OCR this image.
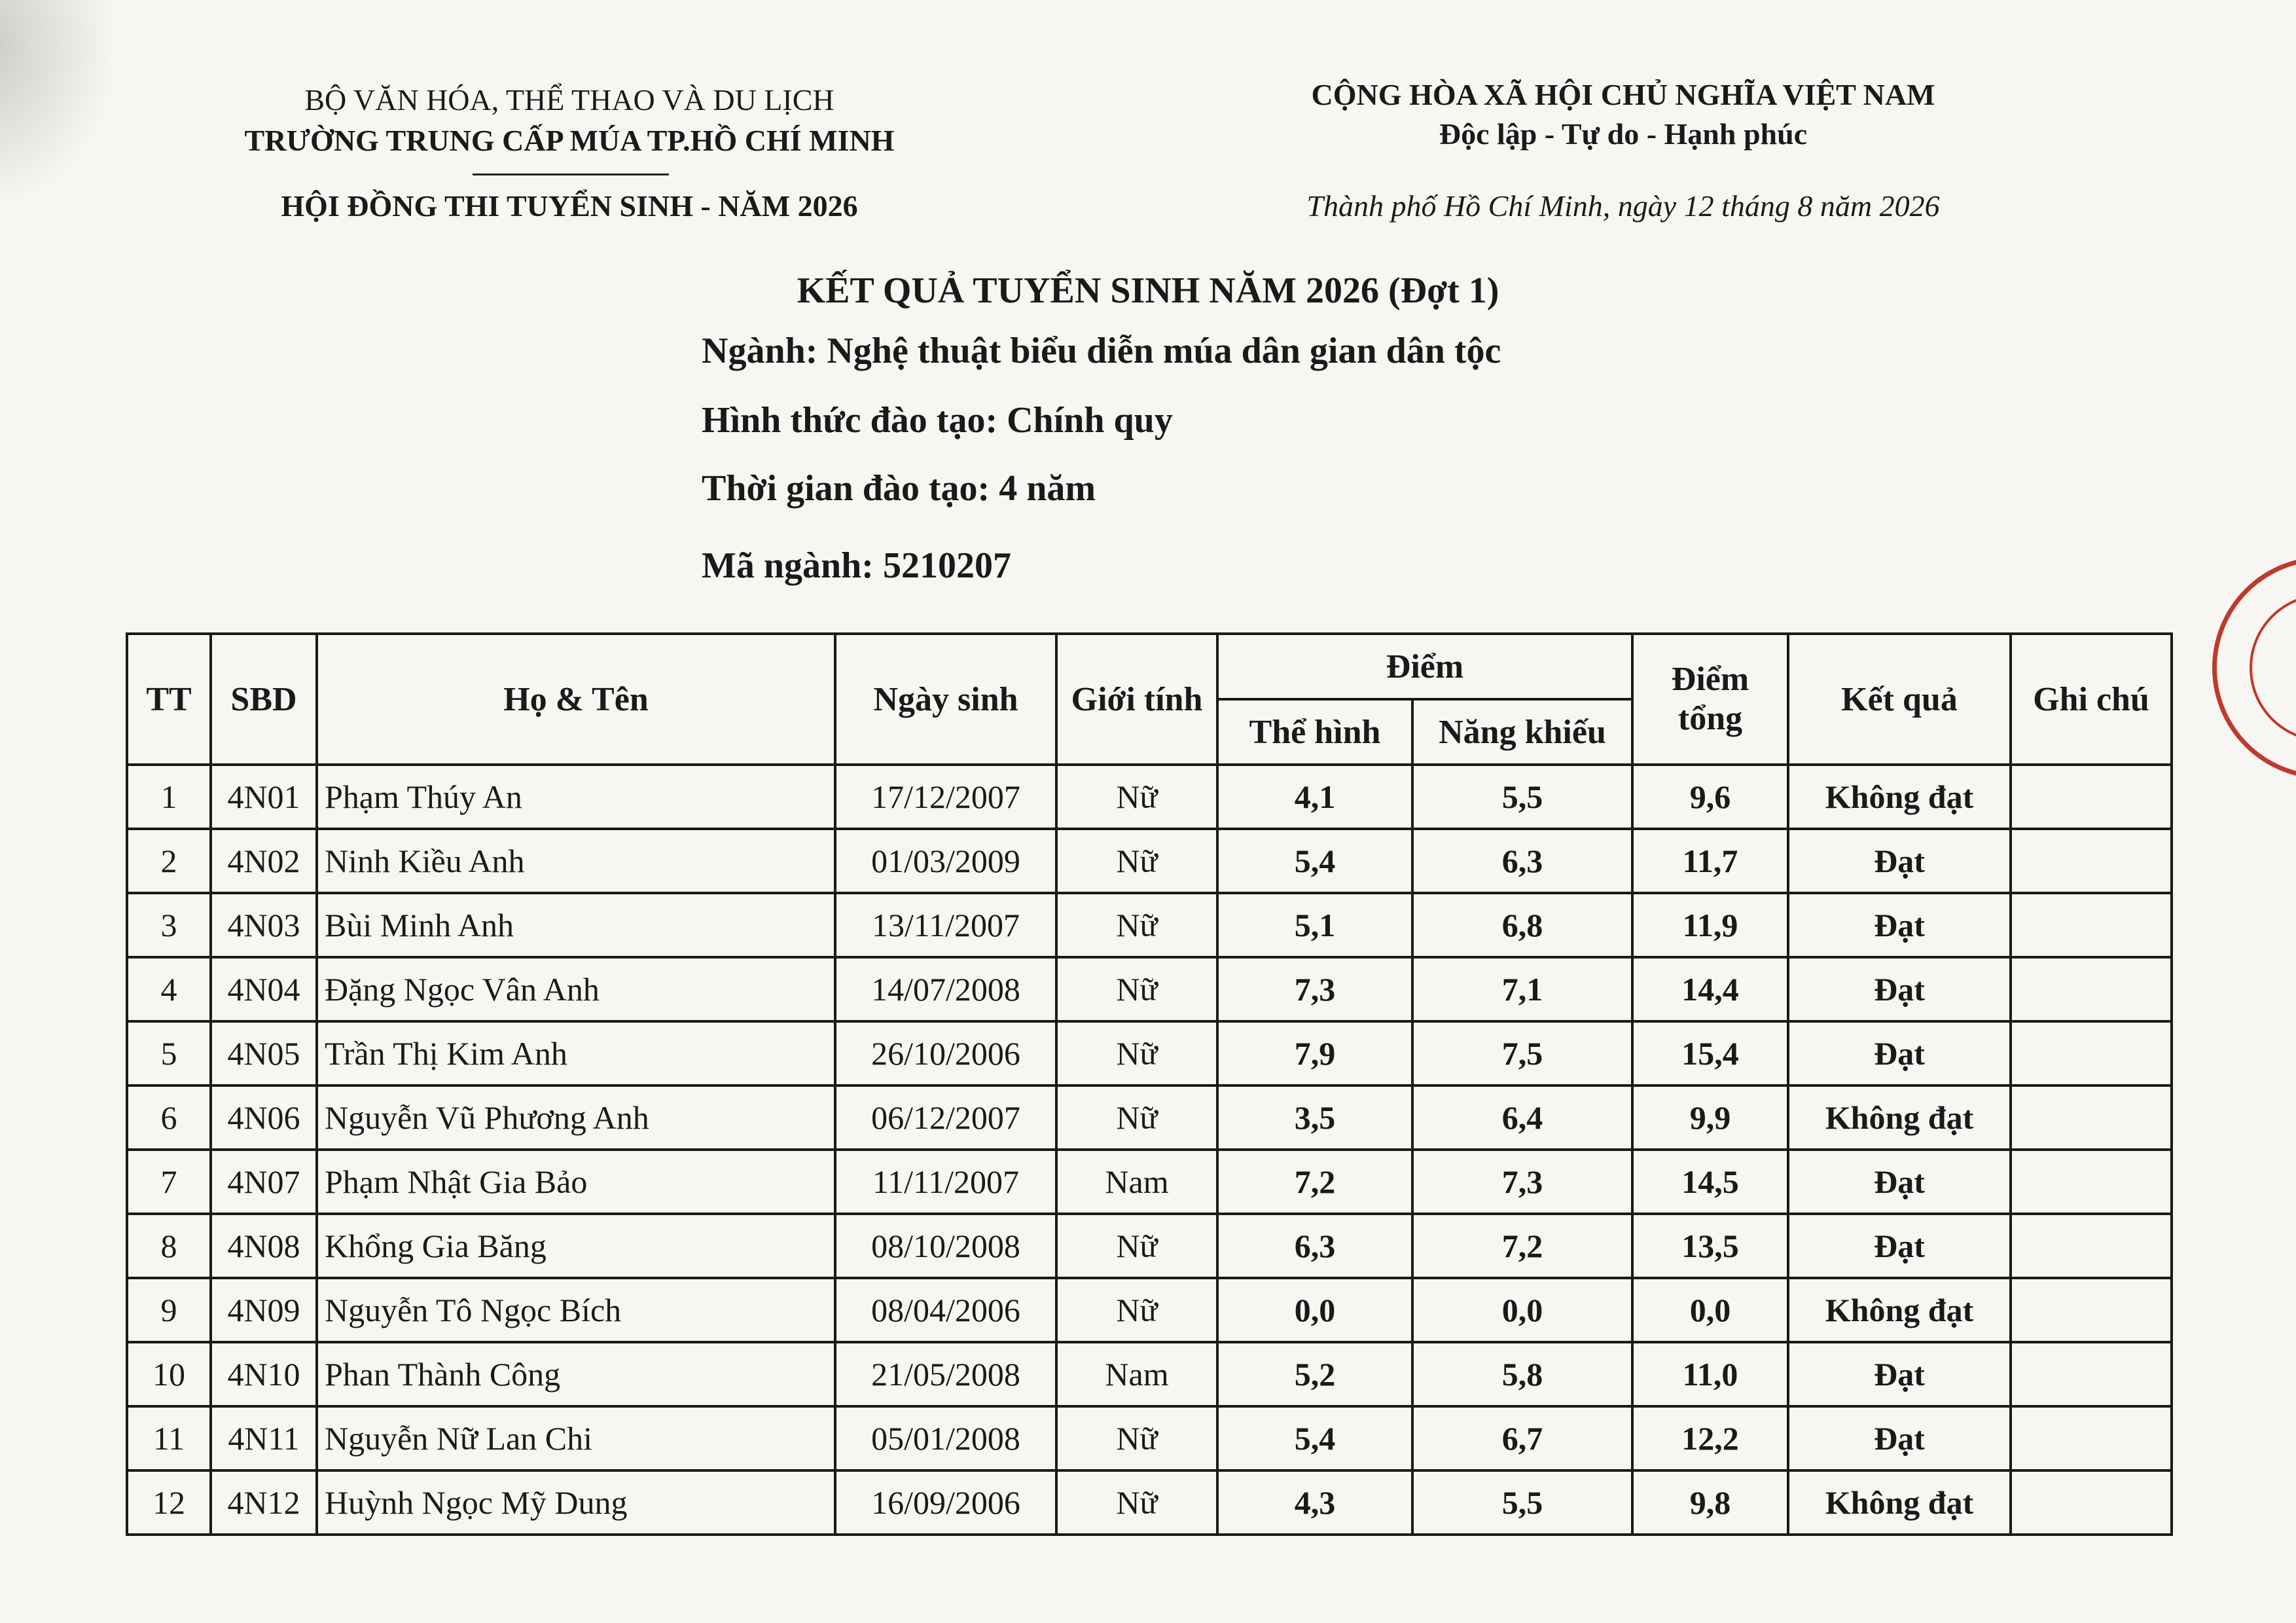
BỘ VĂN HÓA, THỂ THAO VÀ DU LỊCH
TRƯỜNG TRUNG CẤP MÚA TP.HỒ CHÍ MINH
HỘI ĐỒNG THI TUYỂN SINH - NĂM 2026
CỘNG HÒA XÃ HỘI CHỦ NGHĨA VIỆT NAM
Độc lập - Tự do - Hạnh phúc
Thành phố Hồ Chí Minh, ngày 12 tháng 8 năm 2026
KẾT QUẢ TUYỂN SINH NĂM 2026 (Đợt 1)
Ngành: Nghệ thuật biểu diễn múa dân gian dân tộc
Hình thức đào tạo: Chính quy
Thời gian đào tạo: 4 năm
Mã ngành: 5210207
TT	SBD	Họ & Tên	Ngày sinh	Giới tính	Điểm		Điểm tổng	Kết quả	Ghi chú
					Thể hình	Năng khiếu			
1	4N01	Phạm Thúy An	17/12/2007	Nữ	4,1	5,5	9,6	Không đạt	
2	4N02	Ninh Kiều Anh	01/03/2009	Nữ	5,4	6,3	11,7	Đạt	
3	4N03	Bùi Minh Anh	13/11/2007	Nữ	5,1	6,8	11,9	Đạt	
4	4N04	Đặng Ngọc Vân Anh	14/07/2008	Nữ	7,3	7,1	14,4	Đạt	
5	4N05	Trần Thị Kim Anh	26/10/2006	Nữ	7,9	7,5	15,4	Đạt	
6	4N06	Nguyễn Vũ Phương Anh	06/12/2007	Nữ	3,5	6,4	9,9	Không đạt	
7	4N07	Phạm Nhật Gia Bảo	11/11/2007	Nam	7,2	7,3	14,5	Đạt	
8	4N08	Khổng Gia Băng	08/10/2008	Nữ	6,3	7,2	13,5	Đạt	
9	4N09	Nguyễn Tô Ngọc Bích	08/04/2006	Nữ	0,0	0,0	0,0	Không đạt	
10	4N10	Phan Thành Công	21/05/2008	Nam	5,2	5,8	11,0	Đạt	
11	4N11	Nguyễn Nữ Lan Chi	05/01/2008	Nữ	5,4	6,7	12,2	Đạt	
12	4N12	Huỳnh Ngọc Mỹ Dung	16/09/2006	Nữ	4,3	5,5	9,8	Không đạt	
